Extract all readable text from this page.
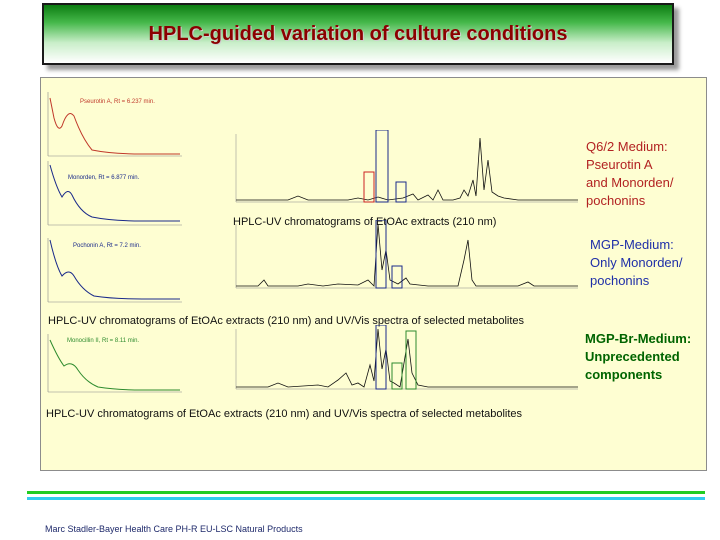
HPLC-guided variation of culture conditions
Pseurotin A, Rt = 6.237 min.
Monorden, Rt = 6.877 min.
Pochonin A, Rt = 7.2 min.
Monocillin II, Rt = 8.11 min.
HPLC-UV chromatograms of EtOAc extracts (210 nm)
HPLC-UV chromatograms of EtOAc extracts (210 nm) and UV/Vis spectra of selected metabolites
HPLC-UV chromatograms of EtOAc extracts (210 nm) and UV/Vis spectra of selected metabolites
Q6/2 Medium:
Pseurotin A
and Monorden/
pochonins
MGP-Medium:
Only Monorden/
pochonins
MGP-Br-Medium:
Unprecedented
components
Marc Stadler-Bayer Health Care PH-R EU-LSC Natural Products
